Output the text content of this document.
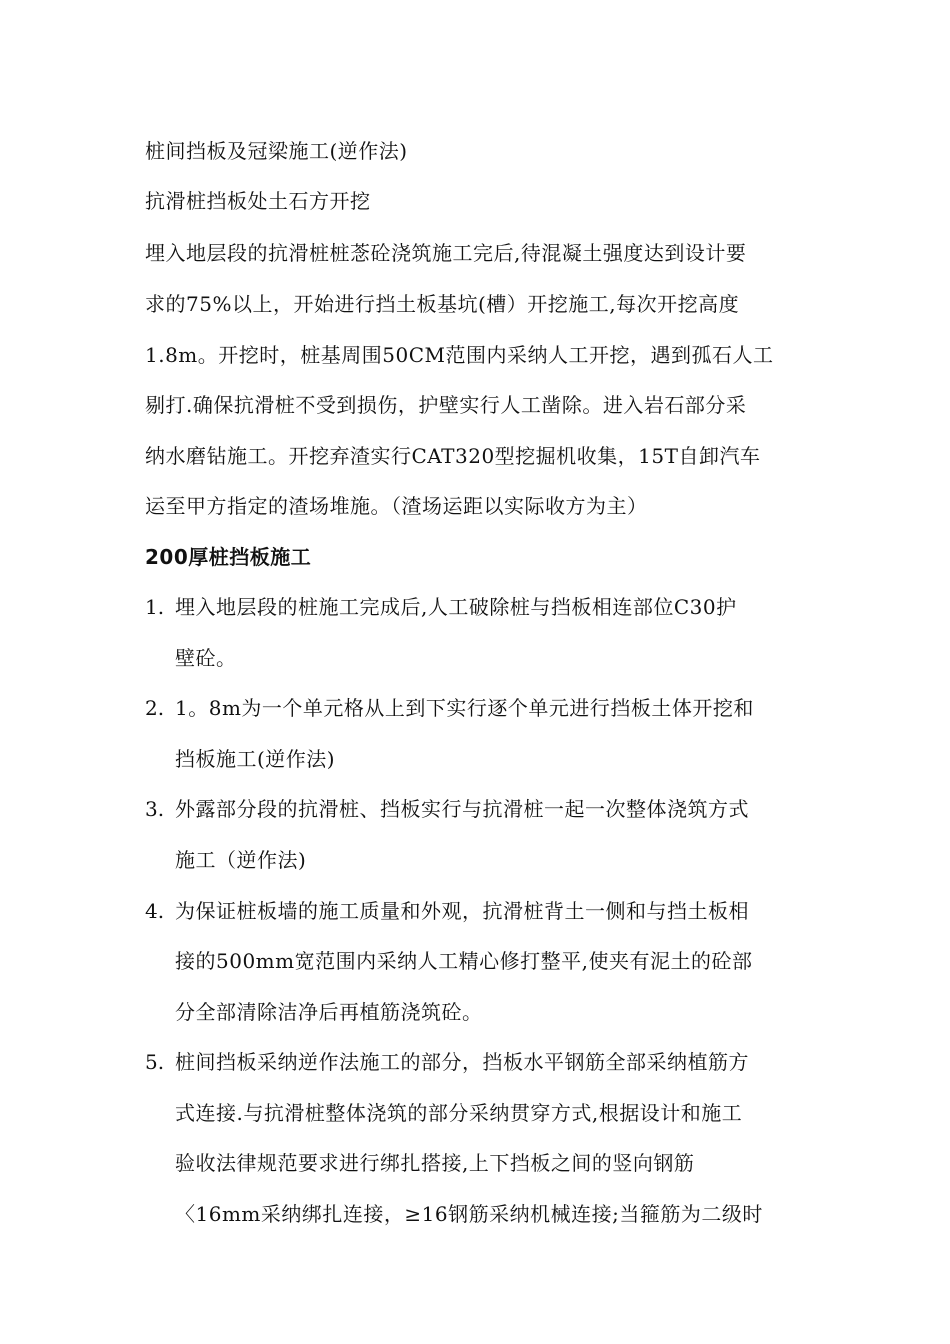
桩间挡板及冠梁施工(逆作法)
抗滑桩挡板处土石方开挖
埋入地层段的抗滑桩桩菍砼浇筑施工完后,待混凝土强度达到设计要
求的75%以上，开始进行挡土板基坑(槽）开挖施工,每次开挖高度
1.8m。开挖时，桩基周围50CM范围内采纳人工开挖，遇到孤石人工
剔打.确保抗滑桩不受到损伤，护壁实行人工凿除。进入岩石部分采
纳水磨钻施工。开挖弃渣实行CAT320型挖掘机收集，15T自卸汽车
运至甲方指定的渣场堆施。（渣场运距以实际收方为主）
200厚桩挡板施工
1. 埋入地层段的桩施工完成后,人工破除桩与挡板相连部位C30护
壁砼。
2. 1。8m为一个单元格从上到下实行逐个单元进行挡板土体开挖和
挡板施工(逆作法)
3. 外露部分段的抗滑桩、挡板实行与抗滑桩一起一次整体浇筑方式
施工（逆作法)
4. 为保证桩板墙的施工质量和外观，抗滑桩背土一侧和与挡土板相
接的500mm宽范围内采纳人工精心修打整平,使夹有泥土的砼部
分全部清除洁净后再植筋浇筑砼。
5. 桩间挡板采纳逆作法施工的部分，挡板水平钢筋全部采纳植筋方
式连接.与抗滑桩整体浇筑的部分采纳贯穿方式,根据设计和施工
验收法律规范要求进行绑扎搭接,上下挡板之间的竖向钢筋
〈16mm采纳绑扎连接，≥16钢筋采纳机械连接;当箍筋为二级时
